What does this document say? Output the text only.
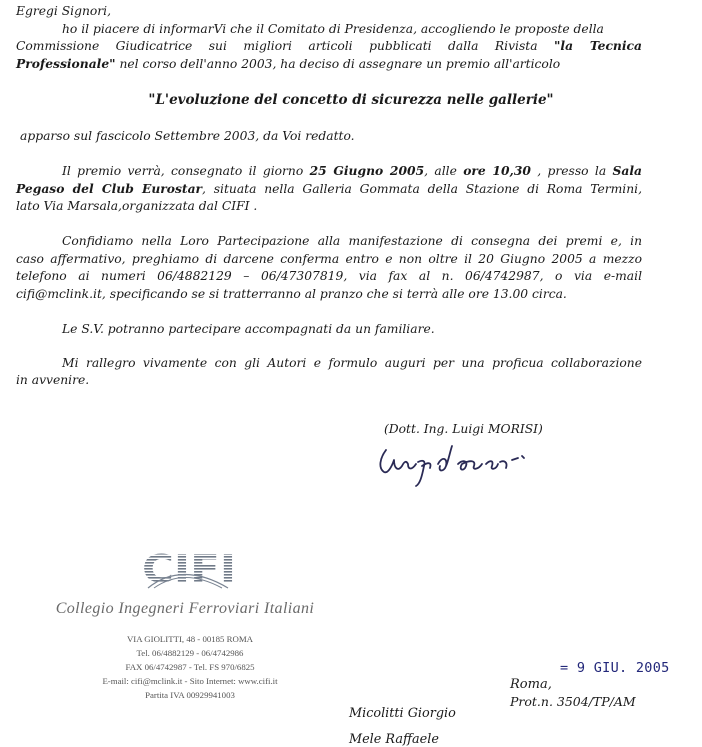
Egregi Signori,
ho il piacere di informarVi che il Comitato di Presidenza, accogliendo le proposte della
Commissione Giudicatrice sui migliori articoli pubblicati dalla Rivista "la Tecnica
Professionale" nel corso dell'anno 2003, ha deciso di assegnare un premio all'articolo
"L'evoluzione del concetto di sicurezza nelle gallerie"
apparso sul fascicolo Settembre 2003, da Voi redatto.
Il premio verrà, consegnato il giorno 25 Giugno 2005, alle ore 10,30 , presso la Sala
Pegaso del Club Eurostar, situata nella Galleria Gommata della Stazione di Roma Termini,
lato Via Marsala,organizzata dal CIFI .
Confidiamo nella Loro Partecipazione alla manifestazione di consegna dei premi e, in
caso affermativo, preghiamo di darcene conferma entro e non oltre il 20 Giugno 2005 a mezzo
telefono ai numeri 06/4882129 – 06/47307819, via fax al n. 06/4742987, o via e-mail
cifi@mclink.it, specificando se si tratterranno al pranzo che si terrà alle ore 13.00 circa.
Le S.V. potranno partecipare accompagnati da un familiare.
Mi rallegro vivamente con gli Autori e formulo auguri per una proficua collaborazione
in avvenire.
(Dott. Ing. Luigi MORISI)
CIFI
Collegio Ingegneri Ferroviari Italiani
VIA GIOLITTI, 48 - 00185 ROMA
Tel. 06/4882129 - 06/4742986
FAX 06/4742987 - Tel. FS 970/6825
E-mail: cifi@mclink.it - Sito Internet: www.cifi.it
Partita IVA 00929941003
= 9 GIU. 2005
Roma,
Prot.n. 3504/TP/AM
Micolitti Giorgio
Mele Raffaele
